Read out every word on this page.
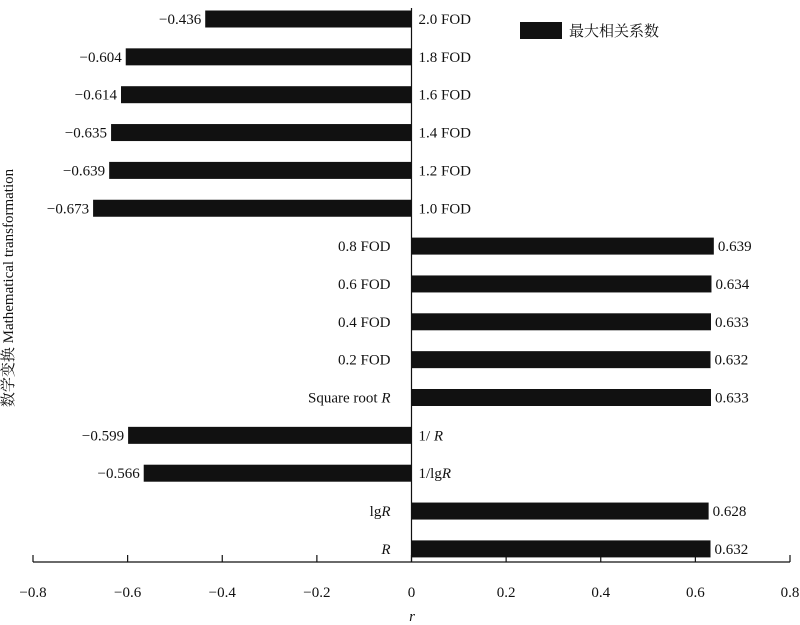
2.0 FOD
1.8 FOD
1.6 FOD
1.4 FOD
1.2 FOD
1.0 FOD
0.8 FOD
0.6 FOD
0.4 FOD
0.2 FOD
Square root R
1/ R
1/lgR
lgR
R
−0.436
−0.604
−0.614
−0.635
−0.639
−0.673
0.639
0.634
0.633
0.632
0.633
−0.599
−0.566
0.628
0.632
−0.8	−0.6	−0.4	−0.2	0	0.2	0.4	0.6	0.8
r
数学变换 Mathematical transformation
最大相关系数
